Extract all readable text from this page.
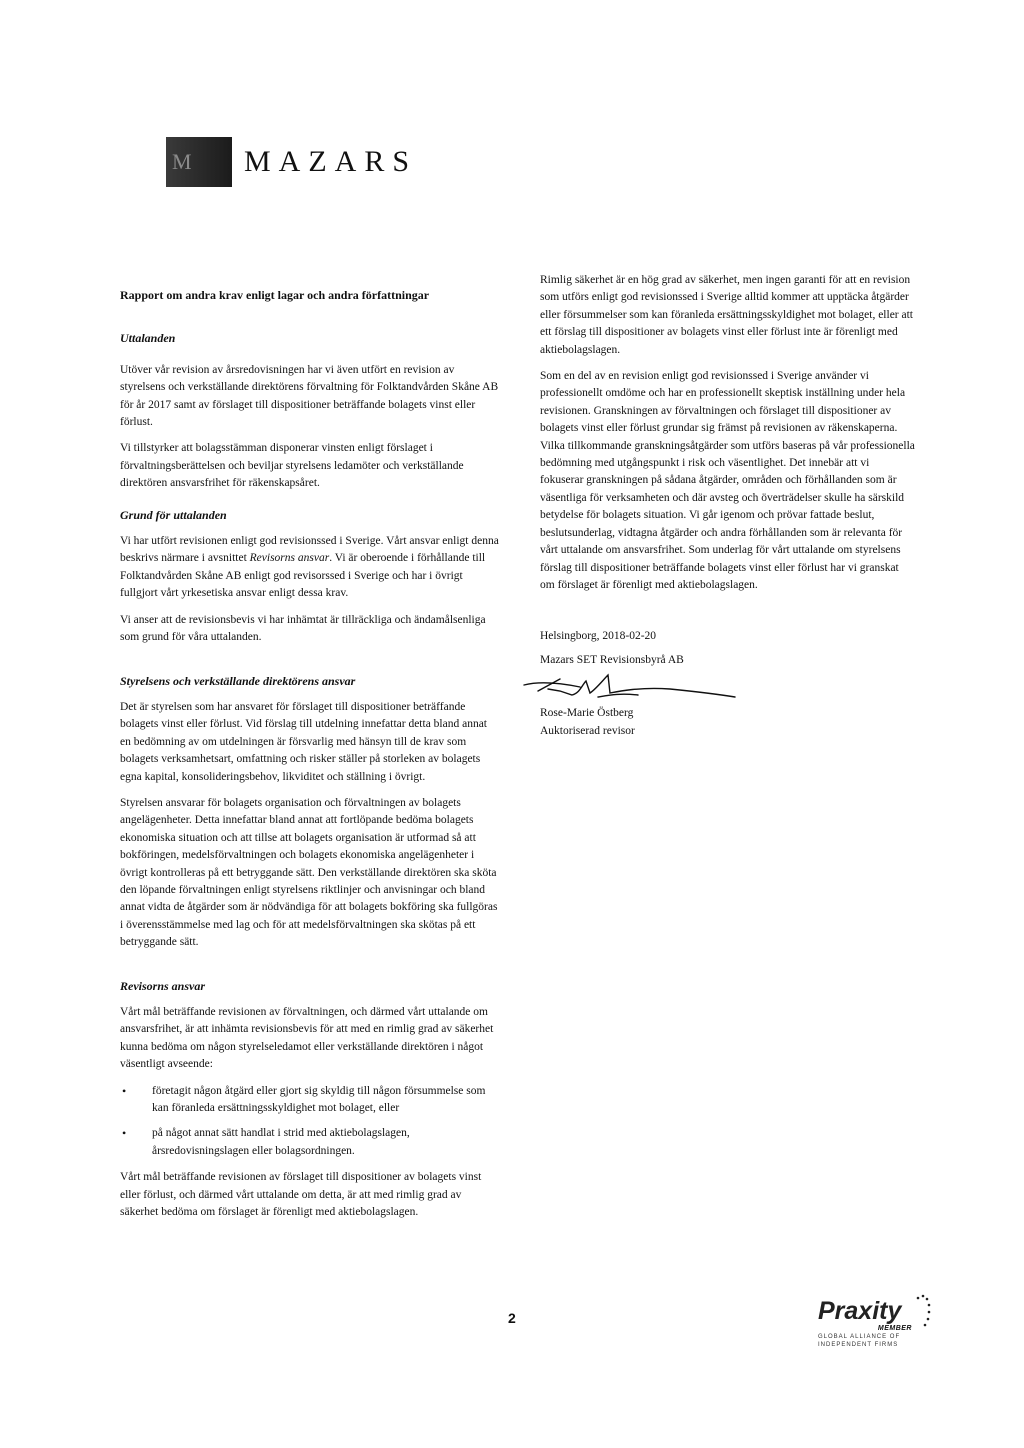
M	MAZARS

Rapport om andra krav enligt lagar och andra författningar

Uttalanden

Utöver vår revision av årsredovisningen har vi även utfört en revision av styrelsens och verkställande direktörens förvaltning för Folktandvården Skåne AB för år 2017 samt av förslaget till dispositioner beträffande bolagets vinst eller förlust.

Vi tillstyrker att bolagsstämman disponerar vinsten enligt förslaget i förvaltningsberättelsen och beviljar styrelsens ledamöter och verkställande direktören ansvarsfrihet för räkenskapsåret.

Grund för uttalanden

Vi har utfört revisionen enligt god revisionssed i Sverige. Vårt ansvar enligt denna beskrivs närmare i avsnittet Revisorns ansvar. Vi är oberoende i förhållande till Folktandvården Skåne AB enligt god revisorssed i Sverige och har i övrigt fullgjort vårt yrkesetiska ansvar enligt dessa krav.

Vi anser att de revisionsbevis vi har inhämtat är tillräckliga och ändamålsenliga som grund för våra uttalanden.

Styrelsens och verkställande direktörens ansvar

Det är styrelsen som har ansvaret för förslaget till dispositioner beträffande bolagets vinst eller förlust. Vid förslag till utdelning innefattar detta bland annat en bedömning av om utdelningen är försvarlig med hänsyn till de krav som bolagets verksamhetsart, omfattning och risker ställer på storleken av bolagets egna kapital, konsolideringsbehov, likviditet och ställning i övrigt.

Styrelsen ansvarar för bolagets organisation och förvaltningen av bolagets angelägenheter. Detta innefattar bland annat att fortlöpande bedöma bolagets ekonomiska situation och att tillse att bolagets organisation är utformad så att bokföringen, medelsförvaltningen och bolagets ekonomiska angelägenheter i övrigt kontrolleras på ett betryggande sätt. Den verkställande direktören ska sköta den löpande förvaltningen enligt styrelsens riktlinjer och anvisningar och bland annat vidta de åtgärder som är nödvändiga för att bolagets bokföring ska fullgöras i överensstämmelse med lag och för att medelsförvaltningen ska skötas på ett betryggande sätt.

Revisorns ansvar

Vårt mål beträffande revisionen av förvaltningen, och därmed vårt uttalande om ansvarsfrihet, är att inhämta revisionsbevis för att med en rimlig grad av säkerhet kunna bedöma om någon styrelseledamot eller verkställande direktören i något väsentligt avseende:

• företagit någon åtgärd eller gjort sig skyldig till någon försummelse som kan föranleda ersättningsskyldighet mot bolaget, eller
• på något annat sätt handlat i strid med aktiebolagslagen, årsredovisningslagen eller bolagsordningen.

Vårt mål beträffande revisionen av förslaget till dispositioner av bolagets vinst eller förlust, och därmed vårt uttalande om detta, är att med rimlig grad av säkerhet bedöma om förslaget är förenligt med aktiebolagslagen.

Rimlig säkerhet är en hög grad av säkerhet, men ingen garanti för att en revision som utförs enligt god revisionssed i Sverige alltid kommer att upptäcka åtgärder eller försummelser som kan föranleda ersättningsskyldighet mot bolaget, eller att ett förslag till dispositioner av bolagets vinst eller förlust inte är förenligt med aktiebolagslagen.

Som en del av en revision enligt god revisionssed i Sverige använder vi professionellt omdöme och har en professionellt skeptisk inställning under hela revisionen. Granskningen av förvaltningen och förslaget till dispositioner av bolagets vinst eller förlust grundar sig främst på revisionen av räkenskaperna. Vilka tillkommande granskningsåtgärder som utförs baseras på vår professionella bedömning med utgångspunkt i risk och väsentlighet. Det innebär att vi fokuserar granskningen på sådana åtgärder, områden och förhållanden som är väsentliga för verksamheten och där avsteg och överträdelser skulle ha särskild betydelse för bolagets situation. Vi går igenom och prövar fattade beslut, beslutsunderlag, vidtagna åtgärder och andra förhållanden som är relevanta för vårt uttalande om ansvarsfrihet. Som underlag för vårt uttalande om styrelsens förslag till dispositioner beträffande bolagets vinst eller förlust har vi granskat om förslaget är förenligt med aktiebolagslagen.

Helsingborg, 2018-02-20

Mazars SET Revisionsbyrå AB

Rose-Marie Östberg

Auktoriserad revisor

2	Praxity
MEMBER
GLOBAL ALLIANCE OF
INDEPENDENT FIRMS
